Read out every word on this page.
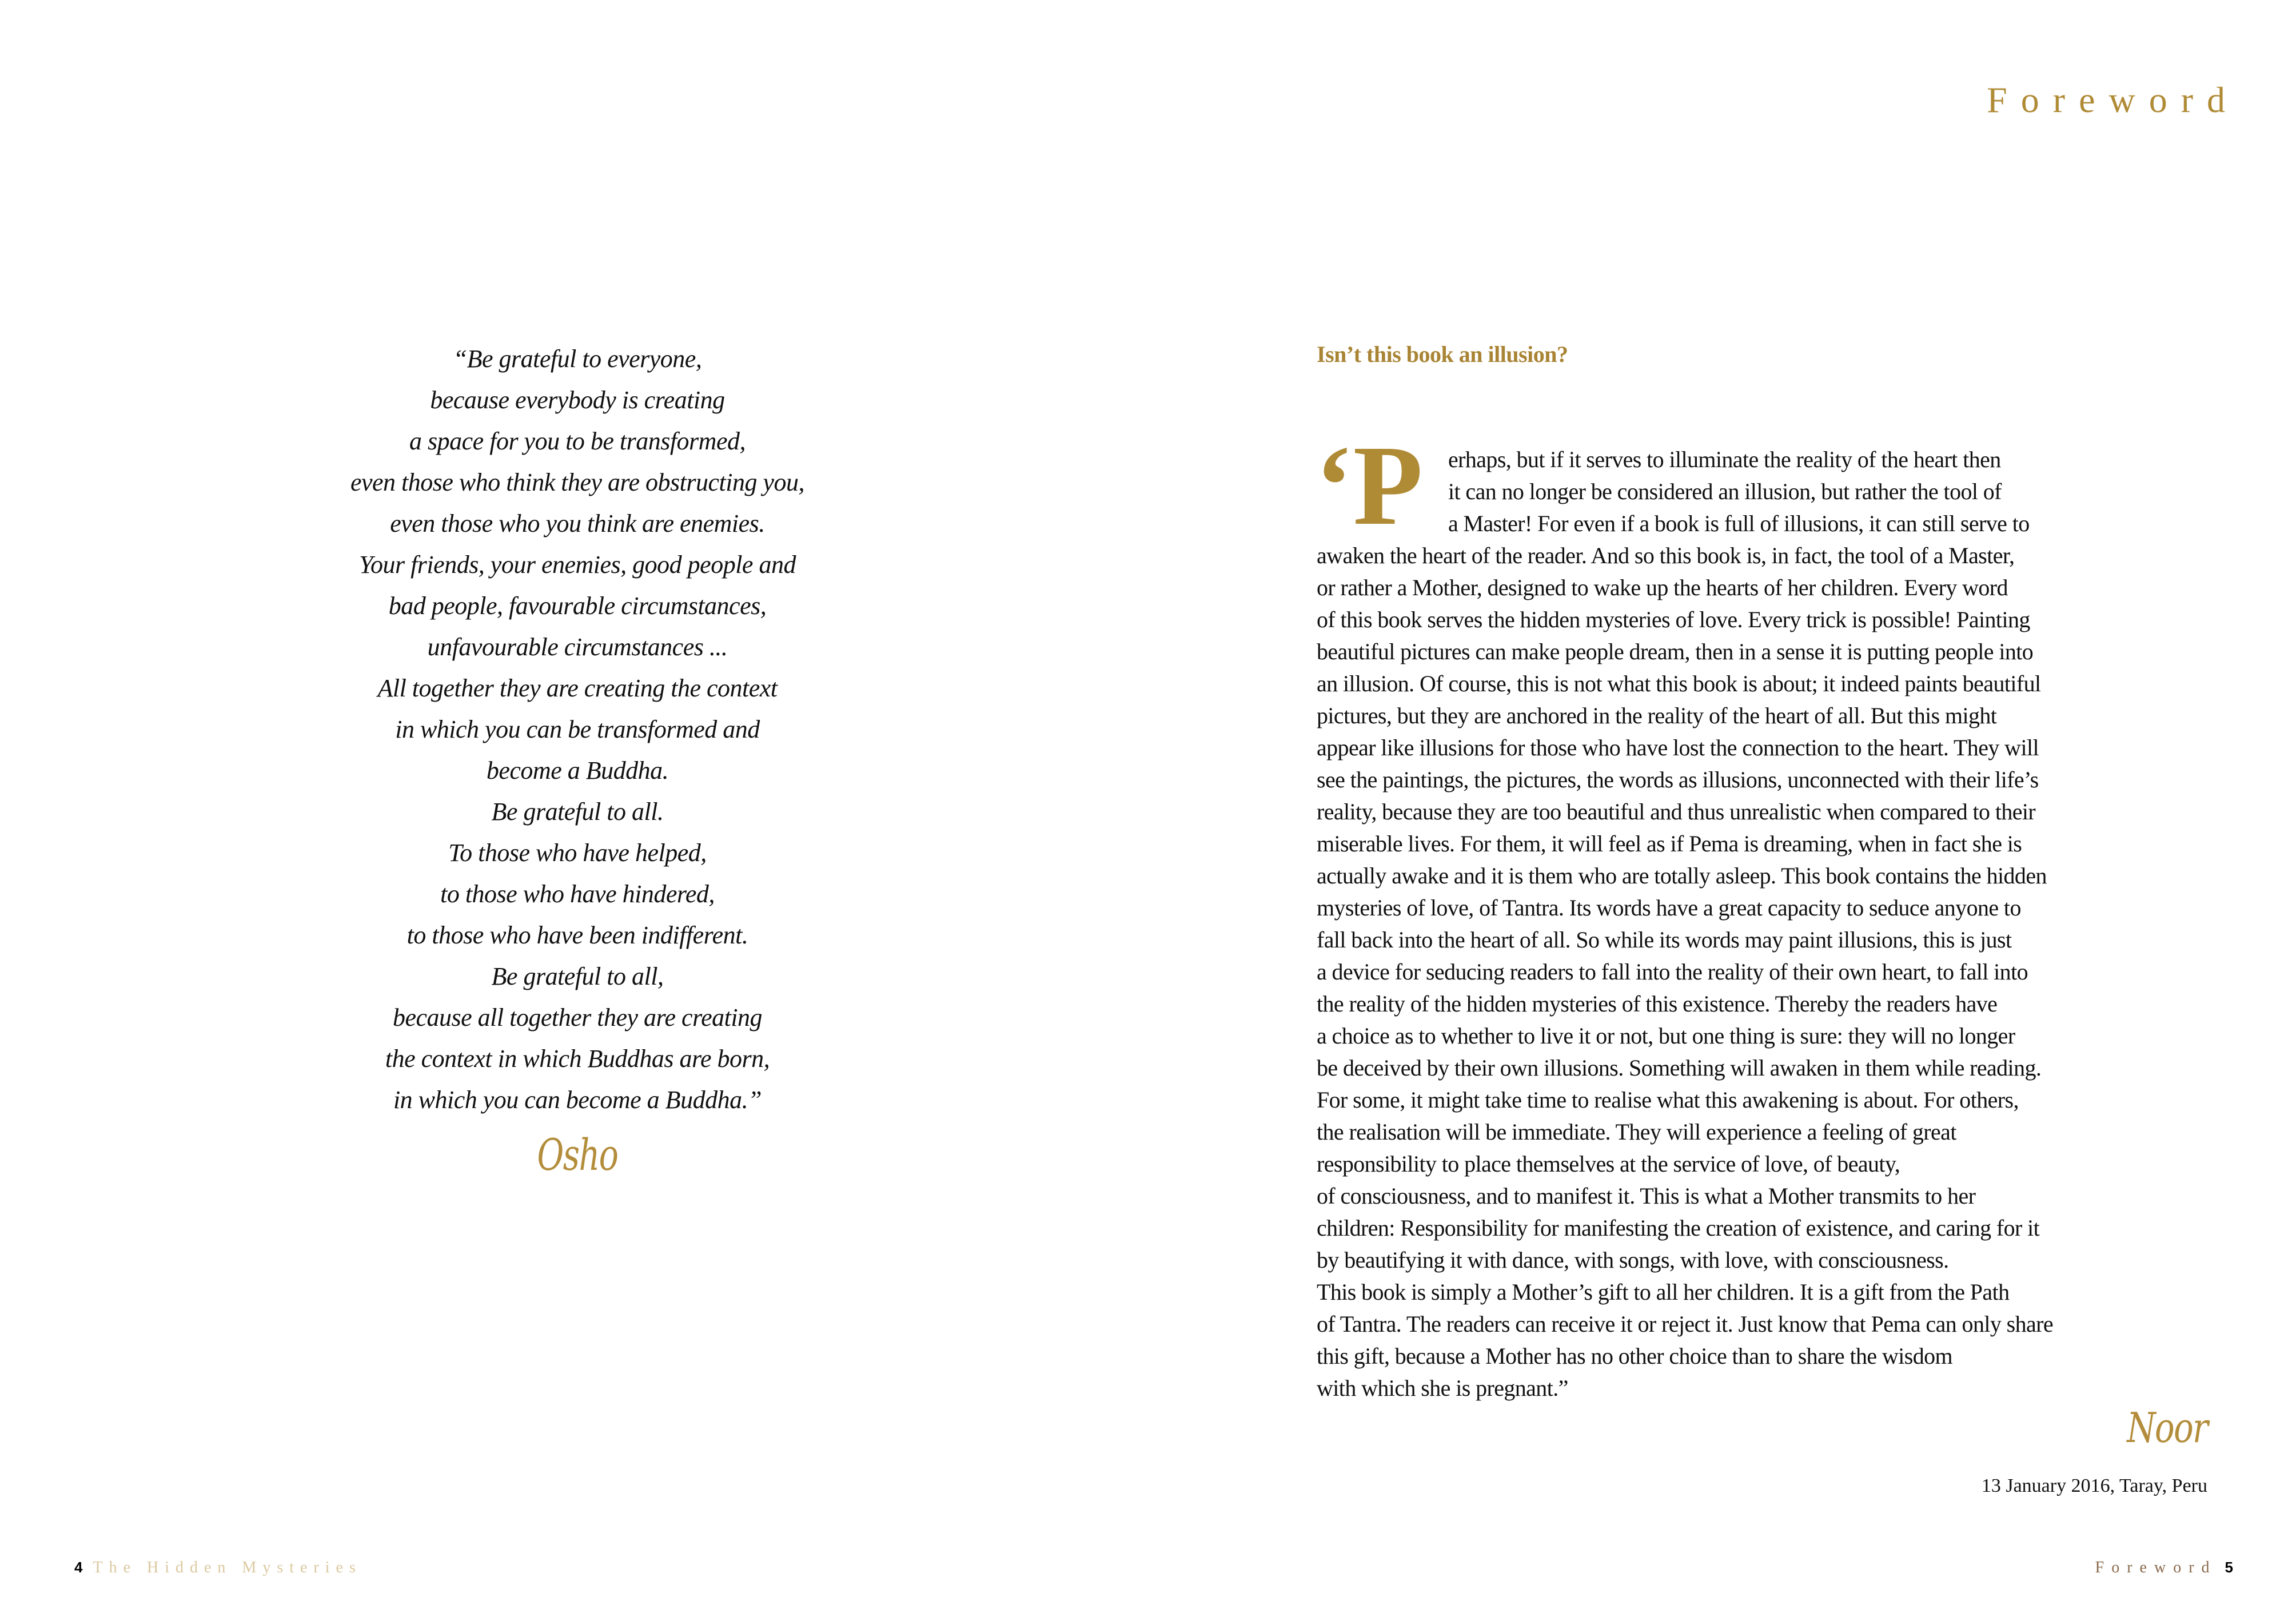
“Be grateful to everyone,
because everybody is creating
a space for you to be transformed,
even those who think they are obstructing you,
even those who you think are enemies.
Your friends, your enemies, good people and
bad people, favourable circumstances,
unfavourable circumstances ...
All together they are creating the context
in which you can be transformed and
become a Buddha.
Be grateful to all.
To those who have helped,
to those who have hindered,
to those who have been indifferent.
Be grateful to all,
because all together they are creating
the context in which Buddhas are born,
in which you can become a Buddha.”
Osho
4 The Hidden Mysteries
Foreword
Isn’t this book an illusion?
‘P	erhaps, but if it serves to illuminate the reality of the heart then
it can no longer be considered an illusion, but rather the tool of
a Master! For even if a book is full of illusions, it can still serve to
awaken the heart of the reader. And so this book is, in fact, the tool of a Master,
or rather a Mother, designed to wake up the hearts of her children. Every word
of this book serves the hidden mysteries of love. Every trick is possible! Painting
beautiful pictures can make people dream, then in a sense it is putting people into
an illusion. Of course, this is not what this book is about; it indeed paints beautiful
pictures, but they are anchored in the reality of the heart of all. But this might
appear like illusions for those who have lost the connection to the heart. They will
see the paintings, the pictures, the words as illusions, unconnected with their life’s
reality, because they are too beautiful and thus unrealistic when compared to their
miserable lives. For them, it will feel as if Pema is dreaming, when in fact she is
actually awake and it is them who are totally asleep. This book contains the hidden
mysteries of love, of Tantra. Its words have a great capacity to seduce anyone to
fall back into the heart of all. So while its words may paint illusions, this is just
a device for seducing readers to fall into the reality of their own heart, to fall into
the reality of the hidden mysteries of this existence. Thereby the readers have
a choice as to whether to live it or not, but one thing is sure: they will no longer
be deceived by their own illusions. Something will awaken in them while reading.
For some, it might take time to realise what this awakening is about. For others,
the realisation will be immediate. They will experience a feeling of great
responsibility to place themselves at the service of love, of beauty,
of consciousness, and to manifest it. This is what a Mother transmits to her
children: Responsibility for manifesting the creation of existence, and caring for it
by beautifying it with dance, with songs, with love, with consciousness.
This book is simply a Mother’s gift to all her children. It is a gift from the Path
of Tantra. The readers can receive it or reject it. Just know that Pema can only share
this gift, because a Mother has no other choice than to share the wisdom
with which she is pregnant.”
Noor
13 January 2016, Taray, Peru
Foreword 5
